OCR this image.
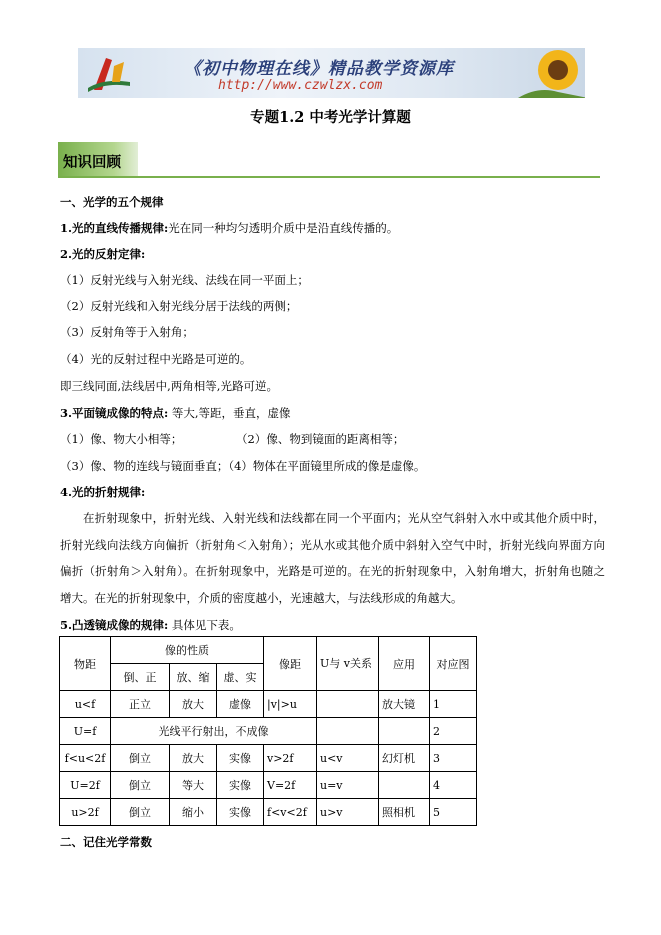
《初中物理在线》精品教学资源库
http://www.czwlzx.com
专题1.2 中考光学计算题
知识回顾
一、光学的五个规律
1.光的直线传播规律:光在同一种均匀透明介质中是沿直线传播的。
2.光的反射定律:
（1）反射光线与入射光线、法线在同一平面上；
（2）反射光线和入射光线分居于法线的两侧；
（3）反射角等于入射角；
（4）光的反射过程中光路是可逆的。
即三线同面,法线居中,两角相等,光路可逆。
3.平面镜成像的特点: 等大,等距，垂直，虚像
（1）像、物大小相等；	（2）像、物到镜面的距离相等；
（3）像、物的连线与镜面垂直；（4）物体在平面镜里所成的像是虚像。
4.光的折射规律:
在折射现象中，折射光线、入射光线和法线都在同一个平面内；光从空气斜射入水中或其他介质中时，折射光线向法线方向偏折（折射角＜入射角）；光从水或其他介质中斜射入空气中时，折射光线向界面方向偏折（折射角＞入射角）。在折射现象中，光路是可逆的。在光的折射现象中，入射角增大，折射角也随之增大。在光的折射现象中，介质的密度越小，光速越大，与法线形成的角越大。
5.凸透镜成像的规律: 具体见下表。
物距	像的性质			像距	U与 v关系	应用	对应图
	倒、正	放、缩	虚、实				
u<f	正立	放大	虚像	|v|>u		放大镜	1
U=f	光线平行射出，不成像						2
f<u<2f	倒立	放大	实像	v>2f	u<v	幻灯机	3
U=2f	倒立	等大	实像	V=2f	u=v		4
u>2f	倒立	缩小	实像	f<v<2f	u>v	照相机	5
二、记住光学常数
